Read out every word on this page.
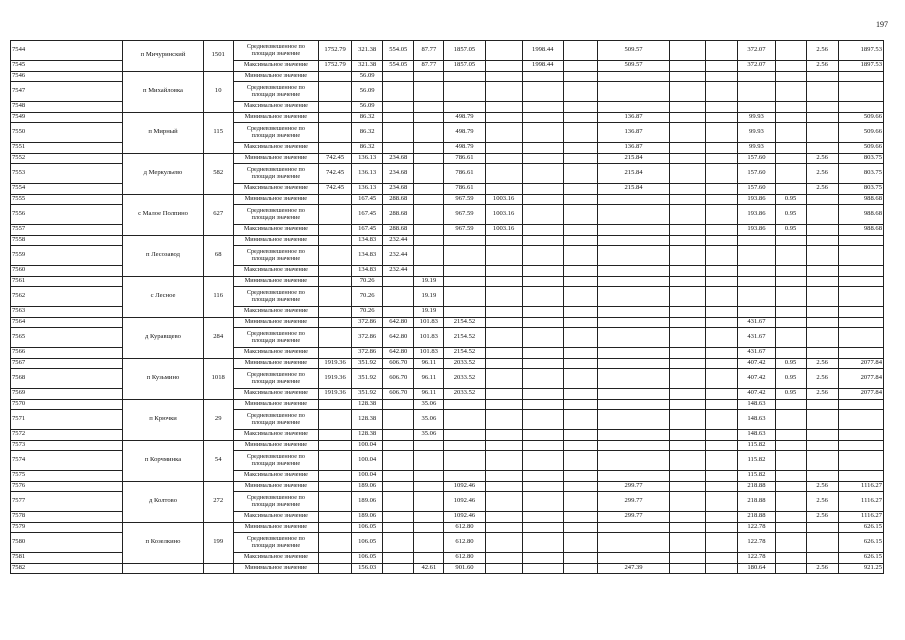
197
7544	п Мичуринский	1501	Средневзвешенное по площади значение	1752.79	321.38	554.05	87.77	1857.05		1998.44		509.57			372.07		2.56	1897.53
7545			Максимальное значение	1752.79	321.38	554.05	87.77	1857.05		1998.44		509.57			372.07		2.56	1897.53
7546	п Михайловка	10	Минимальное значение		56.09													
7547			Средневзвешенное по площади значение		56.09													
7548			Максимальное значение		56.09													
7549	п Мирный	115	Минимальное значение		86.32			498.79				136.87			99.93			509.66
7550			Средневзвешенное по площади значение		86.32			498.79				136.87			99.93			509.66
7551			Максимальное значение		86.32			498.79				136.87			99.93			509.66
7552	д Меркульево	582	Минимальное значение	742.45	136.13	234.68		786.61				215.84			157.60		2.56	803.75
7553			Средневзвешенное по площади значение	742.45	136.13	234.68		786.61				215.84			157.60		2.56	803.75
7554			Максимальное значение	742.45	136.13	234.68		786.61				215.84			157.60		2.56	803.75
7555	с Малое Полпино	627	Минимальное значение		167.45	288.68		967.59	1003.16						193.86	0.95		988.68
7556			Средневзвешенное по площади значение		167.45	288.68		967.59	1003.16						193.86	0.95		988.68
7557			Максимальное значение		167.45	288.68		967.59	1003.16						193.86	0.95		988.68
7558	п Лесозавод	68	Минимальное значение		134.83	232.44												
7559			Средневзвешенное по площади значение		134.83	232.44												
7560			Максимальное значение		134.83	232.44												
7561	с Лесное	116	Минимальное значение		70.26		19.19											
7562			Средневзвешенное по площади значение		70.26		19.19											
7563			Максимальное значение		70.26		19.19											
7564	д Куравщево	284	Минимальное значение		372.86	642.80	101.83	2154.52							431.67			
7565			Средневзвешенное по площади значение		372.86	642.80	101.83	2154.52							431.67			
7566			Максимальное значение		372.86	642.80	101.83	2154.52							431.67			
7567	п Кузьмино	1018	Минимальное значение	1919.36	351.92	606.70	96.11	2033.52							407.42	0.95	2.56	2077.84
7568			Средневзвешенное по площади значение	1919.36	351.92	606.70	96.11	2033.52							407.42	0.95	2.56	2077.84
7569			Максимальное значение	1919.36	351.92	606.70	96.11	2033.52							407.42	0.95	2.56	2077.84
7570	п Крючки	29	Минимальное значение		128.38		35.06								148.63			
7571			Средневзвешенное по площади значение		128.38		35.06								148.63			
7572			Максимальное значение		128.38		35.06								148.63			
7573	п Корчминка	54	Минимальное значение		100.04										115.82			
7574			Средневзвешенное по площади значение		100.04										115.82			
7575			Максимальное значение		100.04										115.82			
7576	д Колтово	272	Минимальное значение		189.06			1092.46				299.77			218.88		2.56	1116.27
7577			Средневзвешенное по площади значение		189.06			1092.46				299.77			218.88		2.56	1116.27
7578			Максимальное значение		189.06			1092.46				299.77			218.88		2.56	1116.27
7579	п Козелкино	199	Минимальное значение		106.05			612.80							122.78			626.15
7580			Средневзвешенное по площади значение		106.05			612.80							122.78			626.15
7581			Максимальное значение		106.05			612.80							122.78			626.15
7582			Минимальное значение		156.03		42.61	901.60				247.39			180.64		2.56	921.25
